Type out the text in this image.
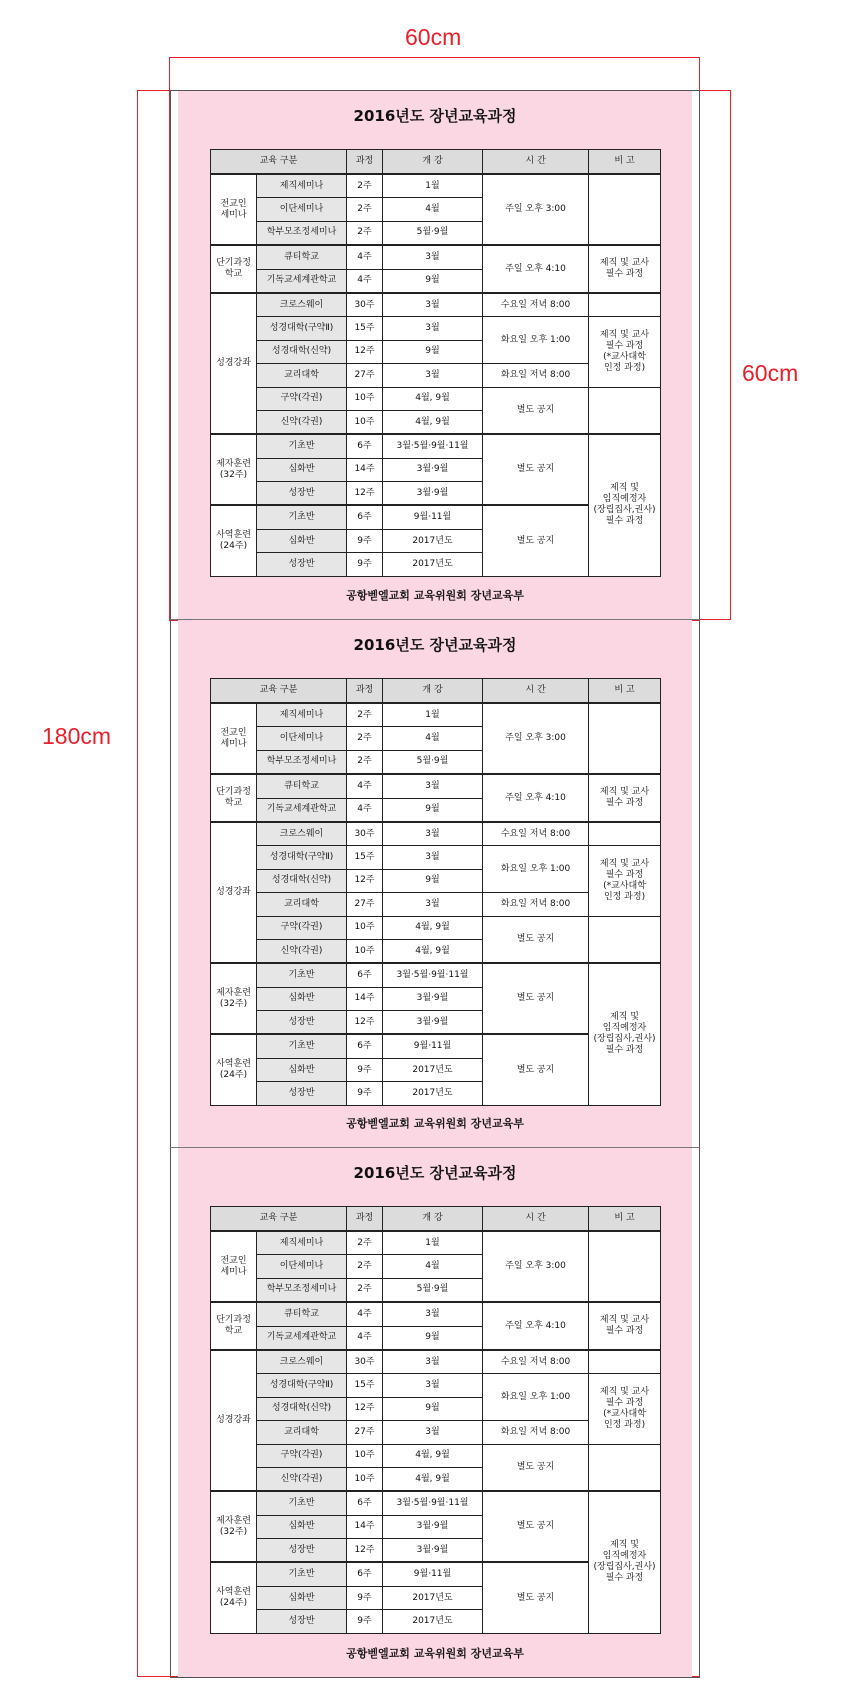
60cm
60cm
180cm
2016년도 장년교육과정
교육 구분		과정	개 강	시 간	비 고
전교인
세미나	제직세미나	2주	1월	주일 오후 3:00	
	이단세미나	2주	4월		
	학부모조정세미나	2주	5월·9월		
단기과정
학교	큐티학교	4주	3월	주일 오후 4:10	제직 및 교사
필수 과정
	기독교세계관학교	4주	9월		
성경강좌	크로스웨이	30주	3월	수요일 저녁 8:00	
	성경대학(구약Ⅱ)	15주	3월	화요일 오후 1:00	제직 및 교사
필수 과정
(*교사대학
인정 과정)
	성경대학(신약)	12주	9월		
	교리대학	27주	3월	화요일 저녁 8:00	
	구약(각권)	10주	4월, 9월	별도 공지	
	신약(각권)	10주	4월, 9월		
제자훈련
(32주)	기초반	6주	3월·5월·9월·11월	별도 공지	제직 및
임직예정자
(장립집사,권사)
필수 과정
	심화반	14주	3월·9월		
	성장반	12주	3월·9월		
사역훈련
(24주)	기초반	6주	9월·11월	별도 공지	
	심화반	9주	2017년도		
	성장반	9주	2017년도		
공항벧엘교회 교육위원회 장년교육부
2016년도 장년교육과정
교육 구분		과정	개 강	시 간	비 고
전교인
세미나	제직세미나	2주	1월	주일 오후 3:00	
	이단세미나	2주	4월		
	학부모조정세미나	2주	5월·9월		
단기과정
학교	큐티학교	4주	3월	주일 오후 4:10	제직 및 교사
필수 과정
	기독교세계관학교	4주	9월		
성경강좌	크로스웨이	30주	3월	수요일 저녁 8:00	
	성경대학(구약Ⅱ)	15주	3월	화요일 오후 1:00	제직 및 교사
필수 과정
(*교사대학
인정 과정)
	성경대학(신약)	12주	9월		
	교리대학	27주	3월	화요일 저녁 8:00	
	구약(각권)	10주	4월, 9월	별도 공지	
	신약(각권)	10주	4월, 9월		
제자훈련
(32주)	기초반	6주	3월·5월·9월·11월	별도 공지	제직 및
임직예정자
(장립집사,권사)
필수 과정
	심화반	14주	3월·9월		
	성장반	12주	3월·9월		
사역훈련
(24주)	기초반	6주	9월·11월	별도 공지	
	심화반	9주	2017년도		
	성장반	9주	2017년도		
공항벧엘교회 교육위원회 장년교육부
2016년도 장년교육과정
교육 구분		과정	개 강	시 간	비 고
전교인
세미나	제직세미나	2주	1월	주일 오후 3:00	
	이단세미나	2주	4월		
	학부모조정세미나	2주	5월·9월		
단기과정
학교	큐티학교	4주	3월	주일 오후 4:10	제직 및 교사
필수 과정
	기독교세계관학교	4주	9월		
성경강좌	크로스웨이	30주	3월	수요일 저녁 8:00	
	성경대학(구약Ⅱ)	15주	3월	화요일 오후 1:00	제직 및 교사
필수 과정
(*교사대학
인정 과정)
	성경대학(신약)	12주	9월		
	교리대학	27주	3월	화요일 저녁 8:00	
	구약(각권)	10주	4월, 9월	별도 공지	
	신약(각권)	10주	4월, 9월		
제자훈련
(32주)	기초반	6주	3월·5월·9월·11월	별도 공지	제직 및
임직예정자
(장립집사,권사)
필수 과정
	심화반	14주	3월·9월		
	성장반	12주	3월·9월		
사역훈련
(24주)	기초반	6주	9월·11월	별도 공지	
	심화반	9주	2017년도		
	성장반	9주	2017년도		
공항벧엘교회 교육위원회 장년교육부
